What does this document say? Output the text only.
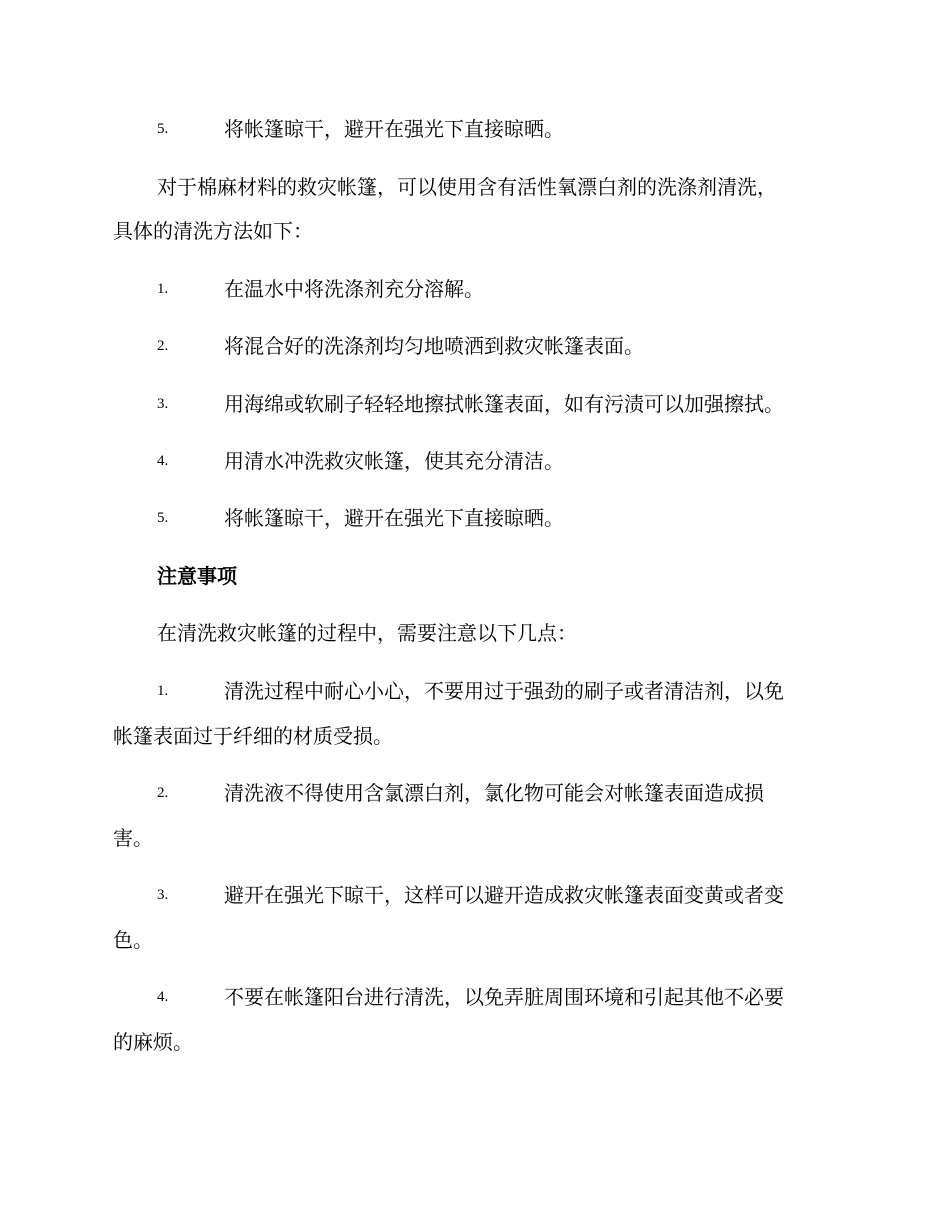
5.	将帐篷晾干，避开在强光下直接晾晒。
对于棉麻材料的救灾帐篷，可以使用含有活性氧漂白剂的洗涤剂清洗，
具体的清洗方法如下：
1.	在温水中将洗涤剂充分溶解。
2.	将混合好的洗涤剂均匀地喷洒到救灾帐篷表面。
3.	用海绵或软刷子轻轻地擦拭帐篷表面，如有污渍可以加强擦拭。
4.	用清水冲洗救灾帐篷，使其充分清洁。
5.	将帐篷晾干，避开在强光下直接晾晒。
注意事项
在清洗救灾帐篷的过程中，需要注意以下几点：
1.	清洗过程中耐心小心，不要用过于强劲的刷子或者清洁剂，以免
帐篷表面过于纤细的材质受损。
2.	清洗液不得使用含氯漂白剂，氯化物可能会对帐篷表面造成损
害。
3.	避开在强光下晾干，这样可以避开造成救灾帐篷表面变黄或者变
色。
4.	不要在帐篷阳台进行清洗，以免弄脏周围环境和引起其他不必要
的麻烦。
